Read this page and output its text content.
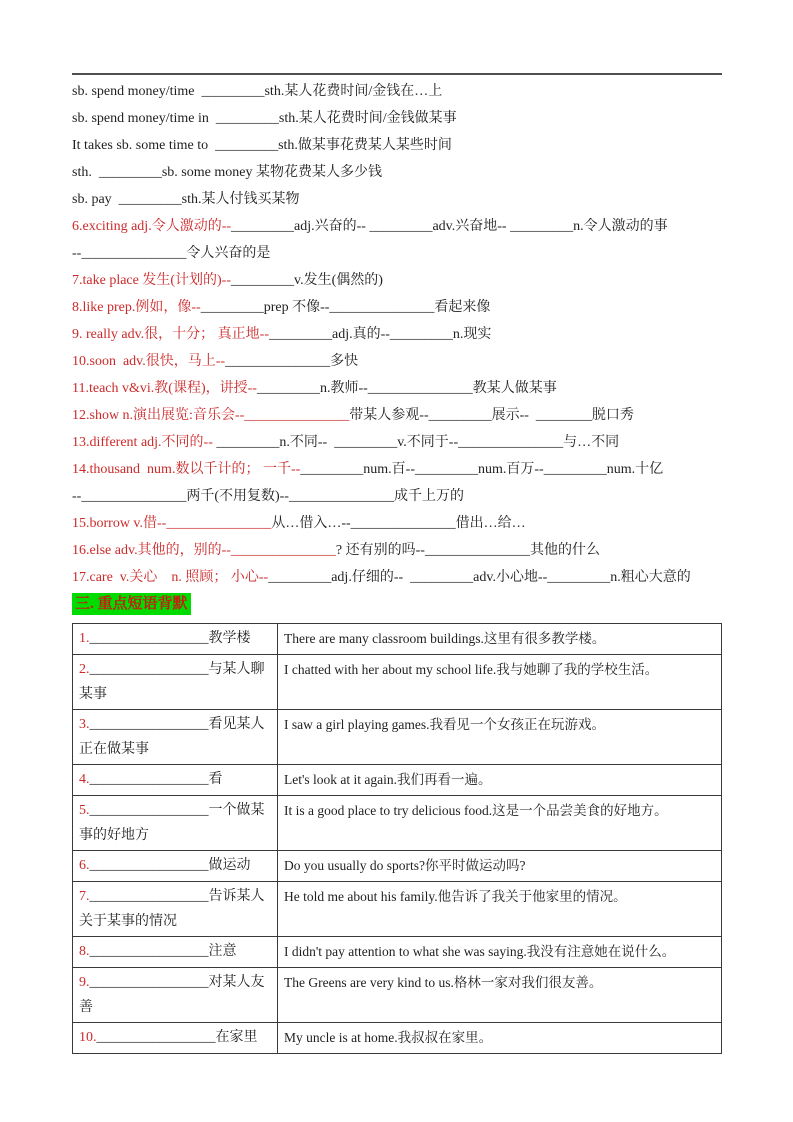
sb. spend money/time  _________sth.某人花费时间/金钱在…上
sb. spend money/time in  _________sth.某人花费时间/金钱做某事
It takes sb. some time to  _________sth.做某事花费某人某些时间
sth.  _________sb. some money 某物花费某人多少钱
sb. pay  _________sth.某人付钱买某物
6.exciting adj.令人激动的--_________adj.兴奋的-- _________adv.兴奋地-- _________n.令人激动的事
--_______________令人兴奋的是
7.take place 发生(计划的)--_________v.发生(偶然的)
8.like prep.例如，像--_________prep 不像--_______________看起来像
9. really adv.很，十分； 真正地--_________adj.真的--_________n.现实
10.soon  adv.很快，马上--_______________多快
11.teach v&vi.教(课程)，讲授--_________n.教师--_______________教某人做某事
12.show n.演出展览:音乐会--_______________带某人参观--_________展示--  ________脱口秀
13.different adj.不同的-- _________n.不同--  _________v.不同于--_______________与…不同
14.thousand  num.数以千计的； 一千--_________num.百--_________num.百万--_________num.十亿
--_______________两千(不用复数)--_______________成千上万的
15.borrow v.借--_______________从…借入…--_______________借出…给…
16.else adv.其他的，别的--_______________? 还有别的吗--_______________其他的什么
17.care  v.关心    n. 照顾； 小心--_________adj.仔细的--  _________adv.小心地--_________n.粗心大意的
三. 重点短语背默
1._________________教学楼	There are many classroom buildings.这里有很多教学楼。
2._________________与某人聊某事	I chatted with her about my school life.我与她聊了我的学校生活。
3._________________看见某人正在做某事	I saw a girl playing games.我看见一个女孩正在玩游戏。
4._________________看	Let's look at it again.我们再看一遍。
5._________________一个做某事的好地方	It is a good place to try delicious food.这是一个品尝美食的好地方。
6._________________做运动	Do you usually do sports?你平时做运动吗?
7._________________告诉某人关于某事的情况	He told me about his family.他告诉了我关于他家里的情况。
8._________________注意	I didn't pay attention to what she was saying.我没有注意她在说什么。
9._________________对某人友善	The Greens are very kind to us.格林一家对我们很友善。
10._________________在家里	My uncle is at home.我叔叔在家里。
